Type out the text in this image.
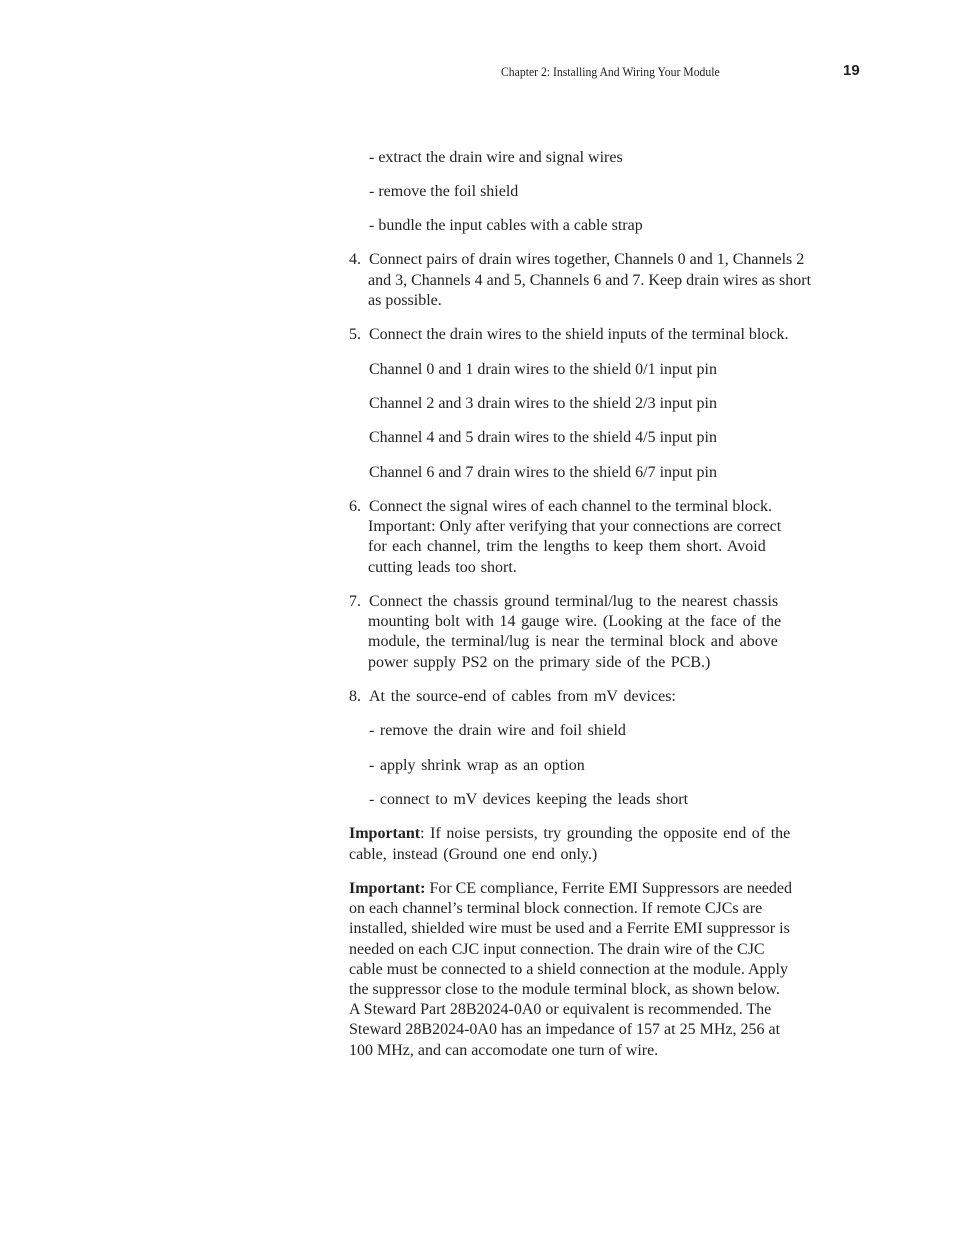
Chapter 2: Installing And Wiring Your Module	19
- extract the drain wire and signal wires
- remove the foil shield
- bundle the input cables with a cable strap
4. Connect pairs of drain wires together, Channels 0 and 1, Channels 2
and 3, Channels 4 and 5, Channels 6 and 7. Keep drain wires as short
as possible.
5. Connect the drain wires to the shield inputs of the terminal block.
Channel 0 and 1 drain wires to the shield 0/1 input pin
Channel 2 and 3 drain wires to the shield 2/3 input pin
Channel 4 and 5 drain wires to the shield 4/5 input pin
Channel 6 and 7 drain wires to the shield 6/7 input pin
6. Connect the signal wires of each channel to the terminal block.
Important: Only after verifying that your connections are correct
for each channel, trim the lengths to keep them short. Avoid
cutting leads too short.
7. Connect the chassis ground terminal/lug to the nearest chassis
mounting bolt with 14 gauge wire. (Looking at the face of the
module, the terminal/lug is near the terminal block and above
power supply PS2 on the primary side of the PCB.)
8. At the source-end of cables from mV devices:
- remove the drain wire and foil shield
- apply shrink wrap as an option
- connect to mV devices keeping the leads short
Important: If noise persists, try grounding the opposite end of the
cable, instead (Ground one end only.)
Important: For CE compliance, Ferrite EMI Suppressors are needed
on each channel’s terminal block connection. If remote CJCs are
installed, shielded wire must be used and a Ferrite EMI suppressor is
needed on each CJC input connection. The drain wire of the CJC
cable must be connected to a shield connection at the module. Apply
the suppressor close to the module terminal block, as shown below.
A Steward Part 28B2024-0A0 or equivalent is recommended. The
Steward 28B2024-0A0 has an impedance of 157 at 25 MHz, 256 at
100 MHz, and can accomodate one turn of wire.
